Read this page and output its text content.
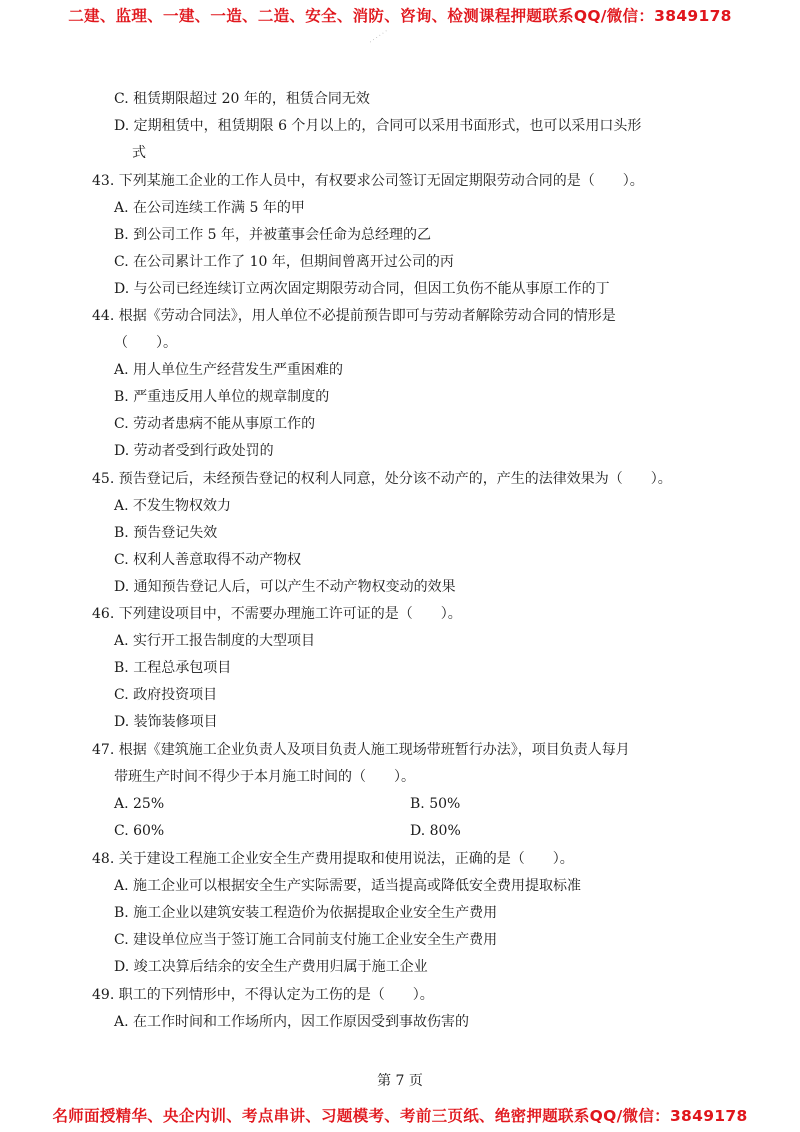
二建、监理、一建、一造、二造、安全、消防、咨询、检测课程押题联系QQ/微信：3849178
C. 租赁期限超过 20 年的，租赁合同无效
D. 定期租赁中，租赁期限 6 个月以上的，合同可以采用书面形式，也可以采用口头形
式
43. 下列某施工企业的工作人员中，有权要求公司签订无固定期限劳动合同的是（　　）。
A. 在公司连续工作满 5 年的甲
B. 到公司工作 5 年，并被董事会任命为总经理的乙
C. 在公司累计工作了 10 年，但期间曾离开过公司的丙
D. 与公司已经连续订立两次固定期限劳动合同，但因工负伤不能从事原工作的丁
44. 根据《劳动合同法》，用人单位不必提前预告即可与劳动者解除劳动合同的情形是
（　　）。
A. 用人单位生产经营发生严重困难的
B. 严重违反用人单位的规章制度的
C. 劳动者患病不能从事原工作的
D. 劳动者受到行政处罚的
45. 预告登记后，未经预告登记的权利人同意，处分该不动产的，产生的法律效果为（　　）。
A. 不发生物权效力
B. 预告登记失效
C. 权利人善意取得不动产物权
D. 通知预告登记人后，可以产生不动产物权变动的效果
46. 下列建设项目中，不需要办理施工许可证的是（　　）。
A. 实行开工报告制度的大型项目
B. 工程总承包项目
C. 政府投资项目
D. 装饰装修项目
47. 根据《建筑施工企业负责人及项目负责人施工现场带班暂行办法》，项目负责人每月
带班生产时间不得少于本月施工时间的（　　）。
A. 25%	B. 50%
C. 60%	D. 80%
48. 关于建设工程施工企业安全生产费用提取和使用说法，正确的是（　　）。
A. 施工企业可以根据安全生产实际需要，适当提高或降低安全费用提取标准
B. 施工企业以建筑安装工程造价为依据提取企业安全生产费用
C. 建设单位应当于签订施工合同前支付施工企业安全生产费用
D. 竣工决算后结余的安全生产费用归属于施工企业
49. 职工的下列情形中，不得认定为工伤的是（　　）。
A. 在工作时间和工作场所内，因工作原因受到事故伤害的
· · · · · ·
第 7 页
名师面授精华、央企内训、考点串讲、习题模考、考前三页纸、绝密押题联系QQ/微信：3849178
